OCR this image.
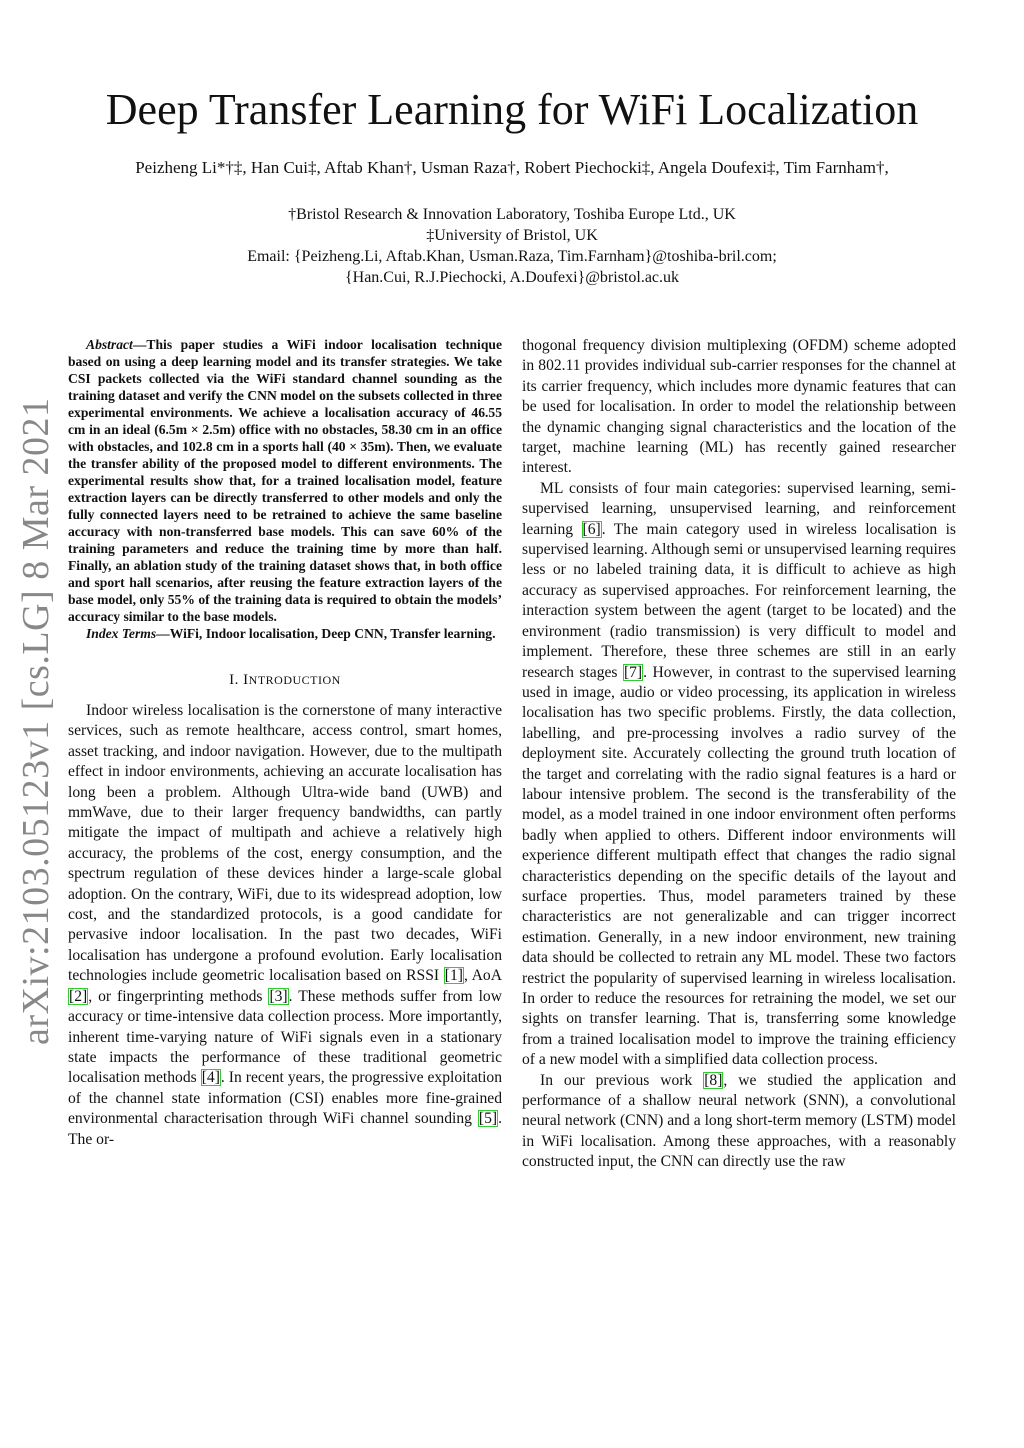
arXiv:2103.05123v1 [cs.LG] 8 Mar 2021
Deep Transfer Learning for WiFi Localization
Peizheng Li*†‡, Han Cui‡, Aftab Khan†, Usman Raza†, Robert Piechocki‡, Angela Doufexi‡, Tim Farnham†,
†Bristol Research & Innovation Laboratory, Toshiba Europe Ltd., UK
‡University of Bristol, UK
Email: {Peizheng.Li, Aftab.Khan, Usman.Raza, Tim.Farnham}@toshiba-bril.com;
{Han.Cui, R.J.Piechocki, A.Doufexi}@bristol.ac.uk

Abstract—This paper studies a WiFi indoor localisation technique based on using a deep learning model and its transfer strategies. We take CSI packets collected via the WiFi standard channel sounding as the training dataset and verify the CNN model on the subsets collected in three experimental environments. We achieve a localisation accuracy of 46.55 cm in an ideal (6.5m × 2.5m) office with no obstacles, 58.30 cm in an office with obstacles, and 102.8 cm in a sports hall (40 × 35m). Then, we evaluate the transfer ability of the proposed model to different environments. The experimental results show that, for a trained localisation model, feature extraction layers can be directly transferred to other models and only the fully connected layers need to be retrained to achieve the same baseline accuracy with non-transferred base models. This can save 60% of the training parameters and reduce the training time by more than half. Finally, an ablation study of the training dataset shows that, in both office and sport hall scenarios, after reusing the feature extraction layers of the base model, only 55% of the training data is required to obtain the models’ accuracy similar to the base models.

Index Terms—WiFi, Indoor localisation, Deep CNN, Transfer learning.

I. INTRODUCTION

Indoor wireless localisation is the cornerstone of many interactive services, such as remote healthcare, access control, smart homes, asset tracking, and indoor navigation. However, due to the multipath effect in indoor environments, achieving an accurate localisation has long been a problem. Although Ultra-wide band (UWB) and mmWave, due to their larger frequency bandwidths, can partly mitigate the impact of multipath and achieve a relatively high accuracy, the problems of the cost, energy consumption, and the spectrum regulation of these devices hinder a large-scale global adoption. On the contrary, WiFi, due to its widespread adoption, low cost, and the standardized protocols, is a good candidate for pervasive indoor localisation. In the past two decades, WiFi localisation has undergone a profound evolution. Early localisation technologies include geometric localisation based on RSSI [1], AoA [2], or fingerprinting methods [3]. These methods suffer from low accuracy or time-intensive data collection process. More importantly, inherent time-varying nature of WiFi signals even in a stationary state impacts the performance of these traditional geometric localisation methods [4]. In recent years, the progressive exploitation of the channel state information (CSI) enables more fine-grained environmental characterisation through WiFi channel sounding [5]. The or-

thogonal frequency division multiplexing (OFDM) scheme adopted in 802.11 provides individual sub-carrier responses for the channel at its carrier frequency, which includes more dynamic features that can be used for localisation. In order to model the relationship between the dynamic changing signal characteristics and the location of the target, machine learning (ML) has recently gained researcher interest.

ML consists of four main categories: supervised learning, semi-supervised learning, unsupervised learning, and reinforcement learning [6]. The main category used in wireless localisation is supervised learning. Although semi or unsupervised learning requires less or no labeled training data, it is difficult to achieve as high accuracy as supervised approaches. For reinforcement learning, the interaction system between the agent (target to be located) and the environment (radio transmission) is very difficult to model and implement. Therefore, these three schemes are still in an early research stages [7]. However, in contrast to the supervised learning used in image, audio or video processing, its application in wireless localisation has two specific problems. Firstly, the data collection, labelling, and pre-processing involves a radio survey of the deployment site. Accurately collecting the ground truth location of the target and correlating with the radio signal features is a hard or labour intensive problem. The second is the transferability of the model, as a model trained in one indoor environment often performs badly when applied to others. Different indoor environments will experience different multipath effect that changes the radio signal characteristics depending on the specific details of the layout and surface properties. Thus, model parameters trained by these characteristics are not generalizable and can trigger incorrect estimation. Generally, in a new indoor environment, new training data should be collected to retrain any ML model. These two factors restrict the popularity of supervised learning in wireless localisation. In order to reduce the resources for retraining the model, we set our sights on transfer learning. That is, transferring some knowledge from a trained localisation model to improve the training efficiency of a new model with a simplified data collection process.

In our previous work [8], we studied the application and performance of a shallow neural network (SNN), a convolutional neural network (CNN) and a long short-term memory (LSTM) model in WiFi localisation. Among these approaches, with a reasonably constructed input, the CNN can directly use the raw
